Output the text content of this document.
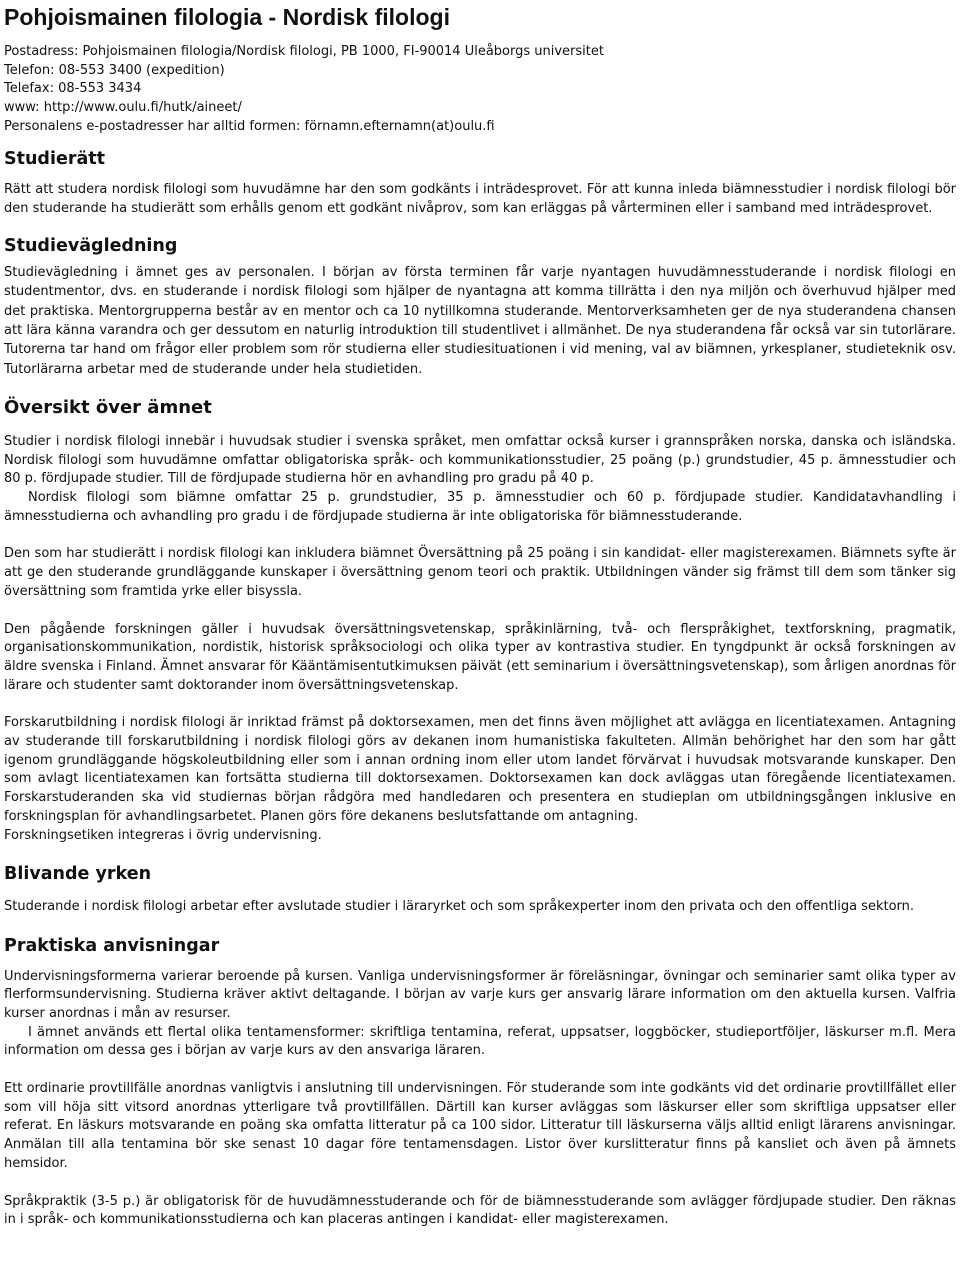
Pohjoismainen filologia - Nordisk filologi
Postadress: Pohjoismainen filologia/Nordisk filologi, PB 1000, FI-90014 Uleåborgs universitet
Telefon: 08-553 3400 (expedition)
Telefax: 08-553 3434
www: http://www.oulu.fi/hutk/aineet/
Personalens e-postadresser har alltid formen: förnamn.efternamn(at)oulu.fi
Studierätt

Rätt att studera nordisk filologi som huvudämne har den som godkänts i inträdesprovet. För att kunna inleda biämnesstudier i nordisk filologi bör den studerande ha studierätt som erhålls genom ett godkänt nivåprov, som kan erläggas på vårterminen eller i samband med inträdesprovet.

Studievägledning

Studievägledning i ämnet ges av personalen. I början av första terminen får varje nyantagen huvudämnesstuderande i nordisk filologi en studentmentor, dvs. en studerande i nordisk filologi som hjälper de nyantagna att komma tillrätta i den nya miljön och överhuvud hjälper med det praktiska. Mentorgrupperna består av en mentor och ca 10 nytillkomna studerande. Mentorverksamheten ger de nya studerandena chansen att lära känna varandra och ger dessutom en naturlig introduktion till studentlivet i allmänhet. De nya studerandena får också var sin tutorlärare. Tutorerna tar hand om frågor eller problem som rör studierna eller studiesituationen i vid mening, val av biämnen, yrkesplaner, studieteknik osv. Tutorlärarna arbetar med de studerande under hela studietiden.

Översikt över ämnet

Studier i nordisk filologi innebär i huvudsak studier i svenska språket, men omfattar också kurser i grannspråken norska, danska och isländska. Nordisk filologi som huvudämne omfattar obligatoriska språk- och kommunikationsstudier, 25 poäng (p.) grundstudier, 45 p. ämnesstudier och 80 p. fördjupade studier. Till de fördjupade studierna hör en avhandling pro gradu på 40 p.

Nordisk filologi som biämne omfattar 25 p. grundstudier, 35 p. ämnesstudier och 60 p. fördjupade studier. Kandidatavhandling i ämnesstudierna och avhandling pro gradu i de fördjupade studierna är inte obligatoriska för biämnesstuderande.

Den som har studierätt i nordisk filologi kan inkludera biämnet Översättning på 25 poäng i sin kandidat- eller magisterexamen. Biämnets syfte är att ge den studerande grundläggande kunskaper i översättning genom teori och praktik. Utbildningen vänder sig främst till dem som tänker sig översättning som framtida yrke eller bisyssla.

Den pågående forskningen gäller i huvudsak översättningsvetenskap, språkinlärning, två- och flerspråkighet, textforskning, pragmatik, organisationskommunikation, nordistik, historisk språksociologi och olika typer av kontrastiva studier. En tyngdpunkt är också forskningen av äldre svenska i Finland. Ämnet ansvarar för Kääntämisentutkimuksen päivät (ett seminarium i översättningsvetenskap), som årligen anordnas för lärare och studenter samt doktorander inom översättningsvetenskap.

Forskarutbildning i nordisk filologi är inriktad främst på doktorsexamen, men det finns även möjlighet att avlägga en licentiatexamen. Antagning av studerande till forskarutbildning i nordisk filologi görs av dekanen inom humanistiska fakulteten. Allmän behörighet har den som har gått igenom grundläggande högskoleutbildning eller som i annan ordning inom eller utom landet förvärvat i huvudsak motsvarande kunskaper. Den som avlagt licentiatexamen kan fortsätta studierna till doktorsexamen. Doktorsexamen kan dock avläggas utan föregående licentiatexamen. Forskarstuderanden ska vid studiernas början rådgöra med handledaren och presentera en studieplan om utbildningsgången inklusive en forskningsplan för avhandlingsarbetet. Planen görs före dekanens beslutsfattande om antagning.

Forskningsetiken integreras i övrig undervisning.

Blivande yrken

Studerande i nordisk filologi arbetar efter avslutade studier i läraryrket och som språkexperter inom den privata och den offentliga sektorn.

Praktiska anvisningar

Undervisningsformerna varierar beroende på kursen. Vanliga undervisningsformer är föreläsningar, övningar och seminarier samt olika typer av flerformsundervisning. Studierna kräver aktivt deltagande. I början av varje kurs ger ansvarig lärare information om den aktuella kursen. Valfria kurser anordnas i mån av resurser.

I ämnet används ett flertal olika tentamensformer: skriftliga tentamina, referat, uppsatser, loggböcker, studieportföljer, läskurser m.fl. Mera information om dessa ges i början av varje kurs av den ansvariga läraren.

Ett ordinarie provtillfälle anordnas vanligtvis i anslutning till undervisningen. För studerande som inte godkänts vid det ordinarie provtillfället eller som vill höja sitt vitsord anordnas ytterligare två provtillfällen. Därtill kan kurser avläggas som läskurser eller som skriftliga uppsatser eller referat. En läskurs motsvarande en poäng ska omfatta litteratur på ca 100 sidor. Litteratur till läskurserna väljs alltid enligt lärarens anvisningar. Anmälan till alla tentamina bör ske senast 10 dagar före tentamensdagen. Listor över kurslitteratur finns på kansliet och även på ämnets hemsidor.

Språkpraktik (3-5 p.) är obligatorisk för de huvudämnesstuderande och för de biämnesstuderande som avlägger fördjupade studier. Den räknas in i språk- och kommunikationsstudierna och kan placeras antingen i kandidat- eller magisterexamen.
